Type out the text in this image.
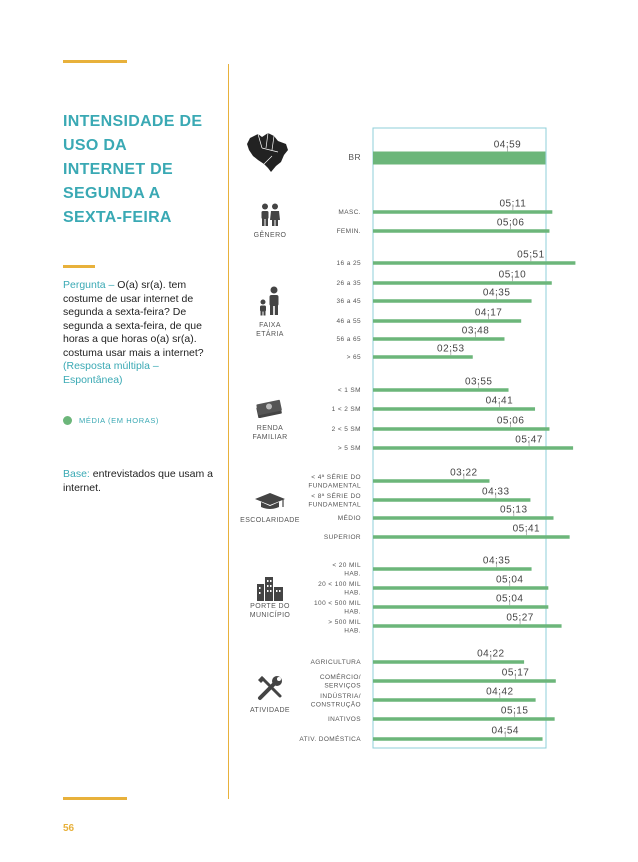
INTENSIDADE DE USO DA INTERNET DE SEGUNDA A SEXTA-FEIRA

Pergunta – O(a) sr(a). tem costume de usar internet de segunda a sexta-feira? De segunda a sexta-feira, de que horas a que horas o(a) sr(a). costuma usar mais a internet? (Resposta múltipla – Espontânea)

MÉDIA (EM HORAS)

Base: entrevistados que usam a internet.

56
GÊNERO
FAIXA
ETÁRIA
RENDA
FAMILIAR
ESCOLARIDADE
PORTE DO
MUNICÍPIO
ATIVIDADE
04:59
BR
05:11
MASC.
05:06
FEMIN.
05:51
16 a 25
05:10
26 a 35
04:35
36 a 45
04:17
46 a 55
03:48
56 a 65
02:53
> 65
03:55
< 1 SM
04:41
1 < 2 SM
05:06
2 < 5 SM
05:47
> 5 SM
03:22
< 4ª SÉRIE DO
FUNDAMENTAL
04:33
< 8ª SÉRIE DO
FUNDAMENTAL	05:13
MÉDIO
05:41
SUPERIOR
04:35
< 20 MIL
HAB.
05:04
20 < 100 MIL
HAB.
05:04
100 < 500 MIL
HAB.
05:27
> 500 MIL
HAB.
04:22
AGRICULTURA
05:17
COMÉRCIO/
SERVIÇOS
04:42
INDÚSTRIA/
CONSTRUÇÃO
05:15
INATIVOS
04:54
ATIV. DOMÉSTICA
